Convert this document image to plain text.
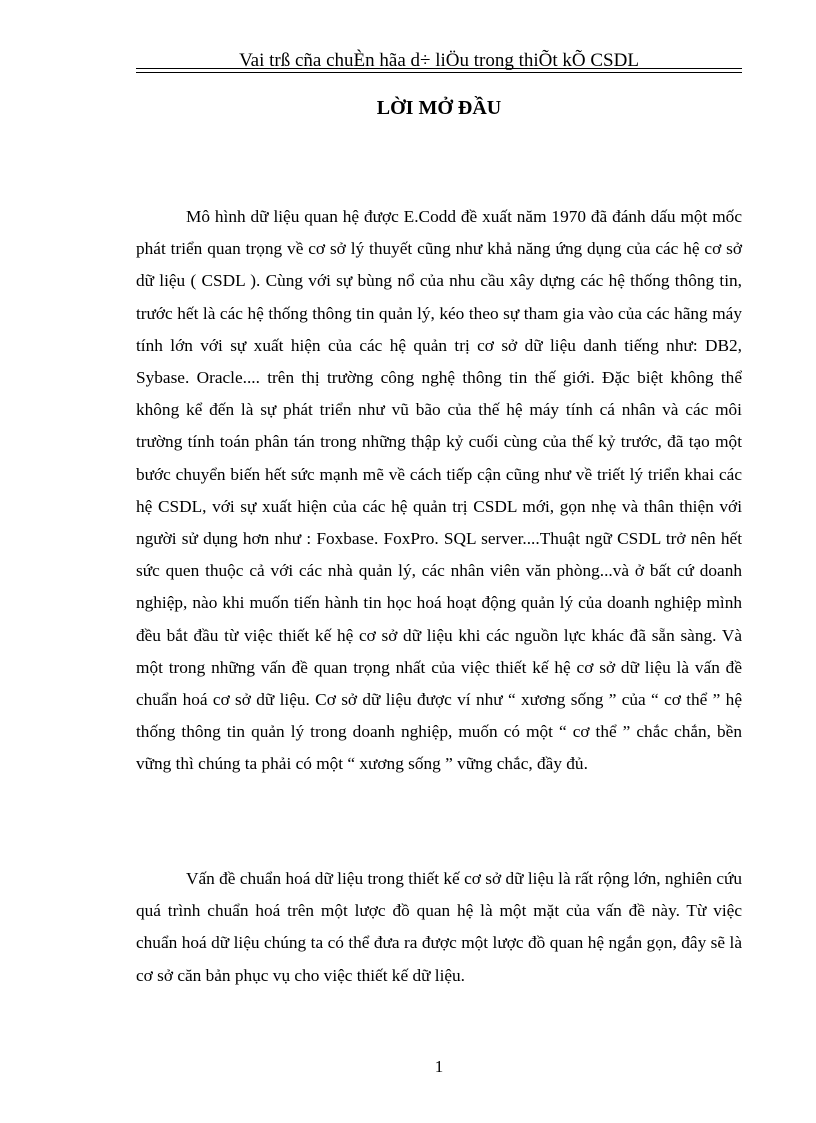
Vai trß cña chuÈn hãa d÷ liÖu trong thiÕt kÕ CSDL
LỜI MỞ ĐẦU

Mô hình dữ liệu quan hệ được E.Codd đề xuất năm 1970 đã đánh dấu một mốc phát triển quan trọng về cơ sở lý thuyết cũng như khả năng ứng dụng của các hệ cơ sở dữ liệu ( CSDL ). Cùng với sự bùng nổ của nhu cầu xây dựng các hệ thống thông tin, trước hết là các hệ thống thông tin quản lý, kéo theo sự tham gia vào của các hãng máy tính lớn với sự xuất hiện của các hệ quản trị cơ sở dữ liệu danh tiếng như: DB2, Sybase. Oracle.... trên thị trường công nghệ thông tin thế giới. Đặc biệt không thể không kể đến là sự phát triển như vũ bão của thế hệ máy tính cá nhân và các môi trường tính toán phân tán trong những thập kỷ cuối cùng của thế kỷ trước, đã tạo một bước chuyển biến hết sức mạnh mẽ về cách tiếp cận cũng như về triết lý triển khai các hệ CSDL, với sự xuất hiện của các hệ quản trị CSDL mới, gọn nhẹ và thân thiện với người sử dụng hơn như : Foxbase. FoxPro. SQL server....Thuật ngữ CSDL trở nên hết sức quen thuộc cả với các nhà quản lý, các nhân viên văn phòng...và ở bất cứ doanh nghiệp, nào khi muốn tiến hành tin học hoá hoạt động quản lý của doanh nghiệp mình đều bắt đầu từ việc thiết kế hệ cơ sở dữ liệu khi các nguồn lực khác đã sẵn sàng. Và một trong những vấn đề quan trọng nhất của việc thiết kế hệ cơ sở dữ liệu là vấn đề chuẩn hoá cơ sở dữ liệu. Cơ sở dữ liệu được ví như “ xương sống ” của “ cơ thể ” hệ thống thông tin quản lý trong doanh nghiệp, muốn có một “ cơ thể ” chắc chắn, bền vững thì chúng ta phải có một “ xương sống ” vững chắc, đầy đủ.

Vấn đề chuẩn hoá dữ liệu trong thiết kế cơ sở dữ liệu là rất rộng lớn, nghiên cứu quá trình chuẩn hoá trên một lược đồ quan hệ là một mặt của vấn đề này. Từ việc chuẩn hoá dữ liệu chúng ta có thể đưa ra được một lược đồ quan hệ ngắn gọn, đây sẽ là cơ sở căn bản phục vụ cho việc thiết kế dữ liệu.

1
